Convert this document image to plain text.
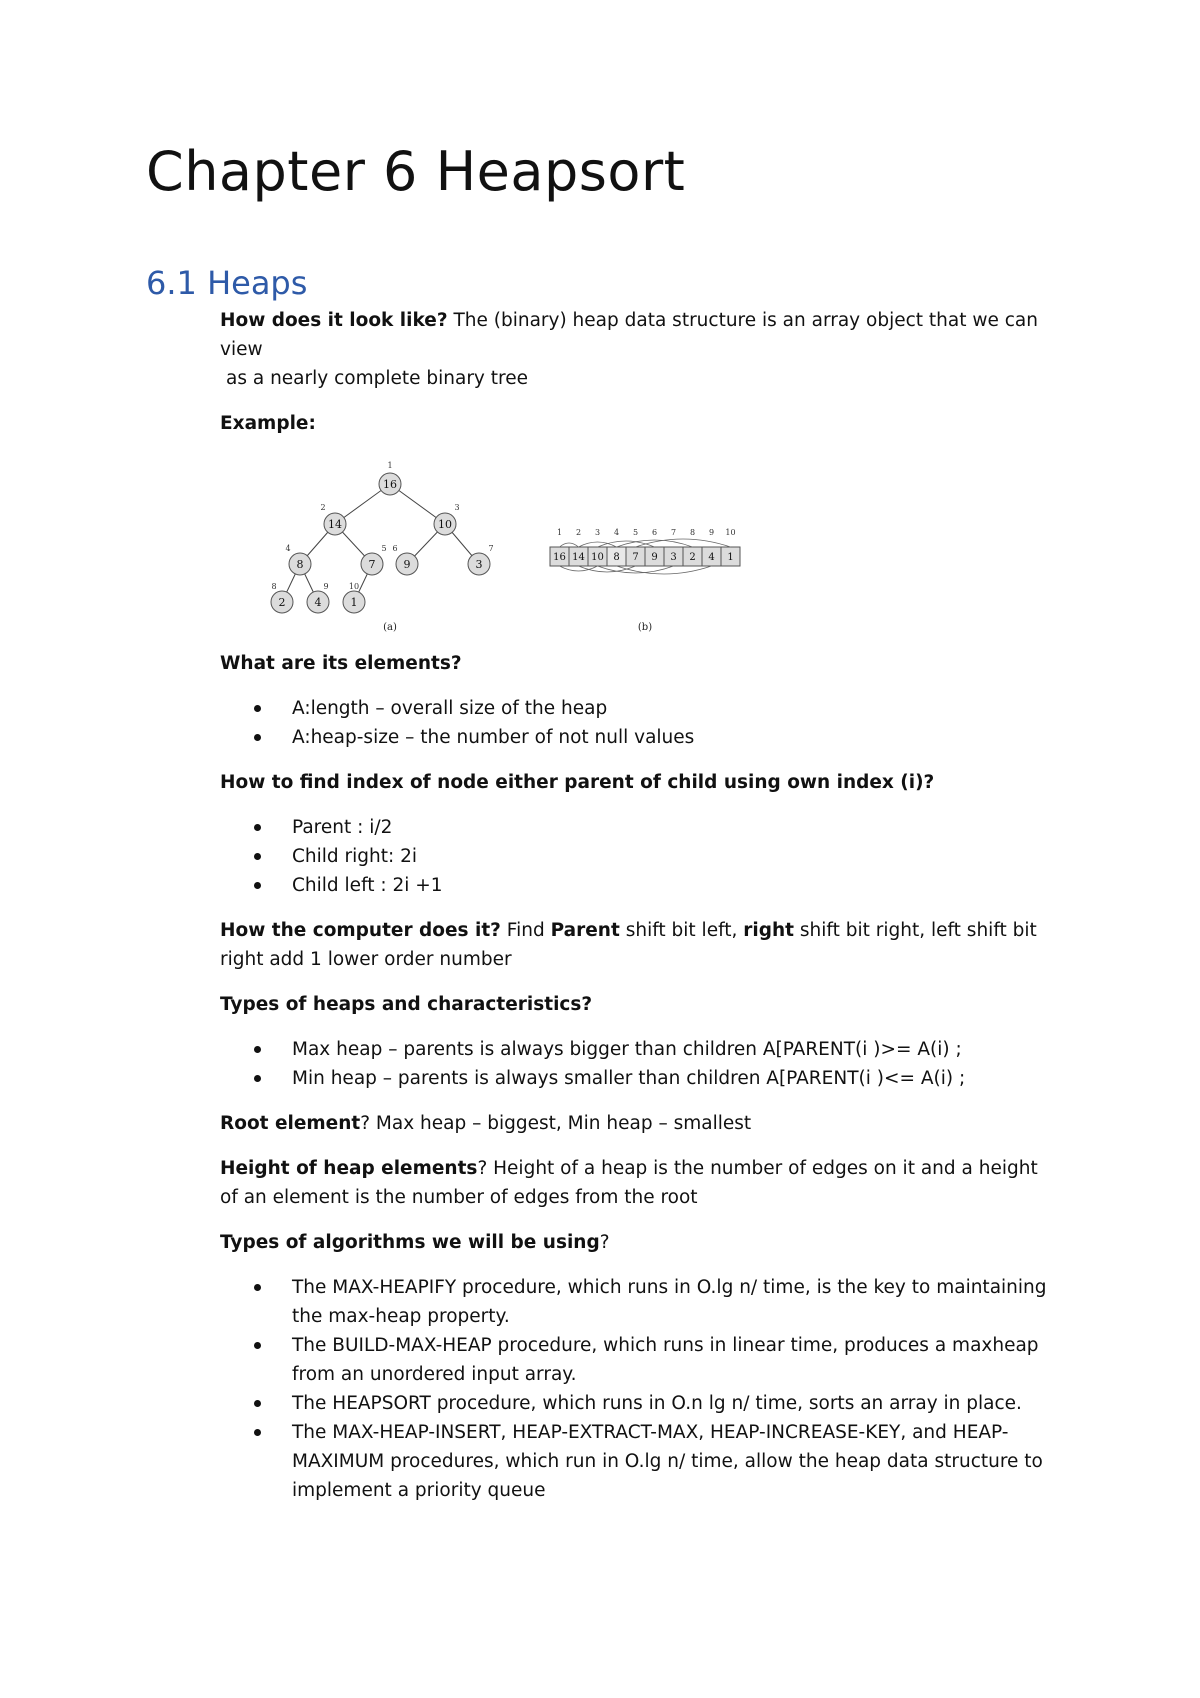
Chapter 6 Heapsort
6.1 Heaps

How does it look like? The (binary) heap data structure is an array object that we can view
as a nearly complete binary tree

Example:

16
1
14
2
10
3
8
4
7
5
9
6
3
7
2
8
4
9
1
10
(a)
16 14 10 8 7 9 3 2 4 1
1 2 3 4 5 6 7 8 9 10
(b)

What are its elements?

A:length – overall size of the heap
A:heap-size – the number of not null values

How to find index of node either parent of child using own index (i)?

Parent : i/2
Child right: 2i
Child left : 2i +1

How the computer does it? Find Parent shift bit left, right shift bit right, left shift bit right add 1 lower order number

Types of heaps and characteristics?

Max heap – parents is always bigger than children A[PARENT(i )>= A(i) ;
Min heap – parents is always smaller than children A[PARENT(i )<= A(i) ;

Root element? Max heap – biggest, Min heap – smallest

Height of heap elements? Height of a heap is the number of edges on it and a height of an element is the number of edges from the root

Types of algorithms we will be using?

The MAX-HEAPIFY procedure, which runs in O.lg n/ time, is the key to maintaining the max-heap property.
The BUILD-MAX-HEAP procedure, which runs in linear time, produces a maxheap from an unordered input array.
The HEAPSORT procedure, which runs in O.n lg n/ time, sorts an array in place.
The MAX-HEAP-INSERT, HEAP-EXTRACT-MAX, HEAP-INCREASE-KEY, and HEAP-MAXIMUM procedures, which run in O.lg n/ time, allow the heap data structure to implement a priority queue
